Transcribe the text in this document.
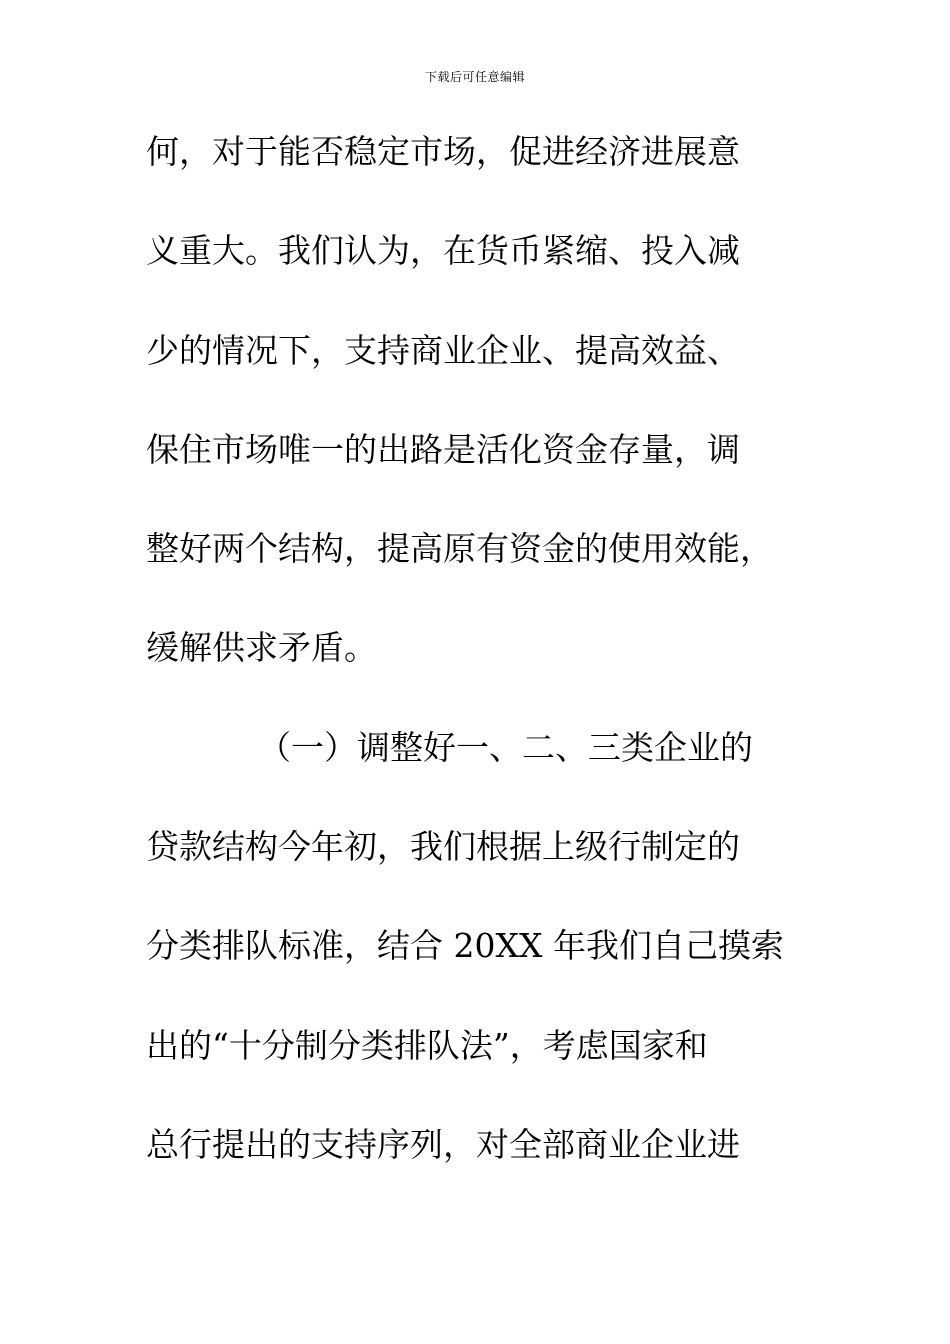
下载后可任意编辑
何，对于能否稳定市场，促进经济进展意
义重大。我们认为，在货币紧缩、投入减
少的情况下，支持商业企业、提高效益、
保住市场唯一的出路是活化资金存量，调
整好两个结构，提高原有资金的使用效能，
缓解供求矛盾。
（一）调整好一、二、三类企业的
贷款结构今年初，我们根据上级行制定的
分类排队标准，结合 20XX 年我们自己摸索
出的“十分制分类排队法”，考虑国家和
总行提出的支持序列，对全部商业企业进
